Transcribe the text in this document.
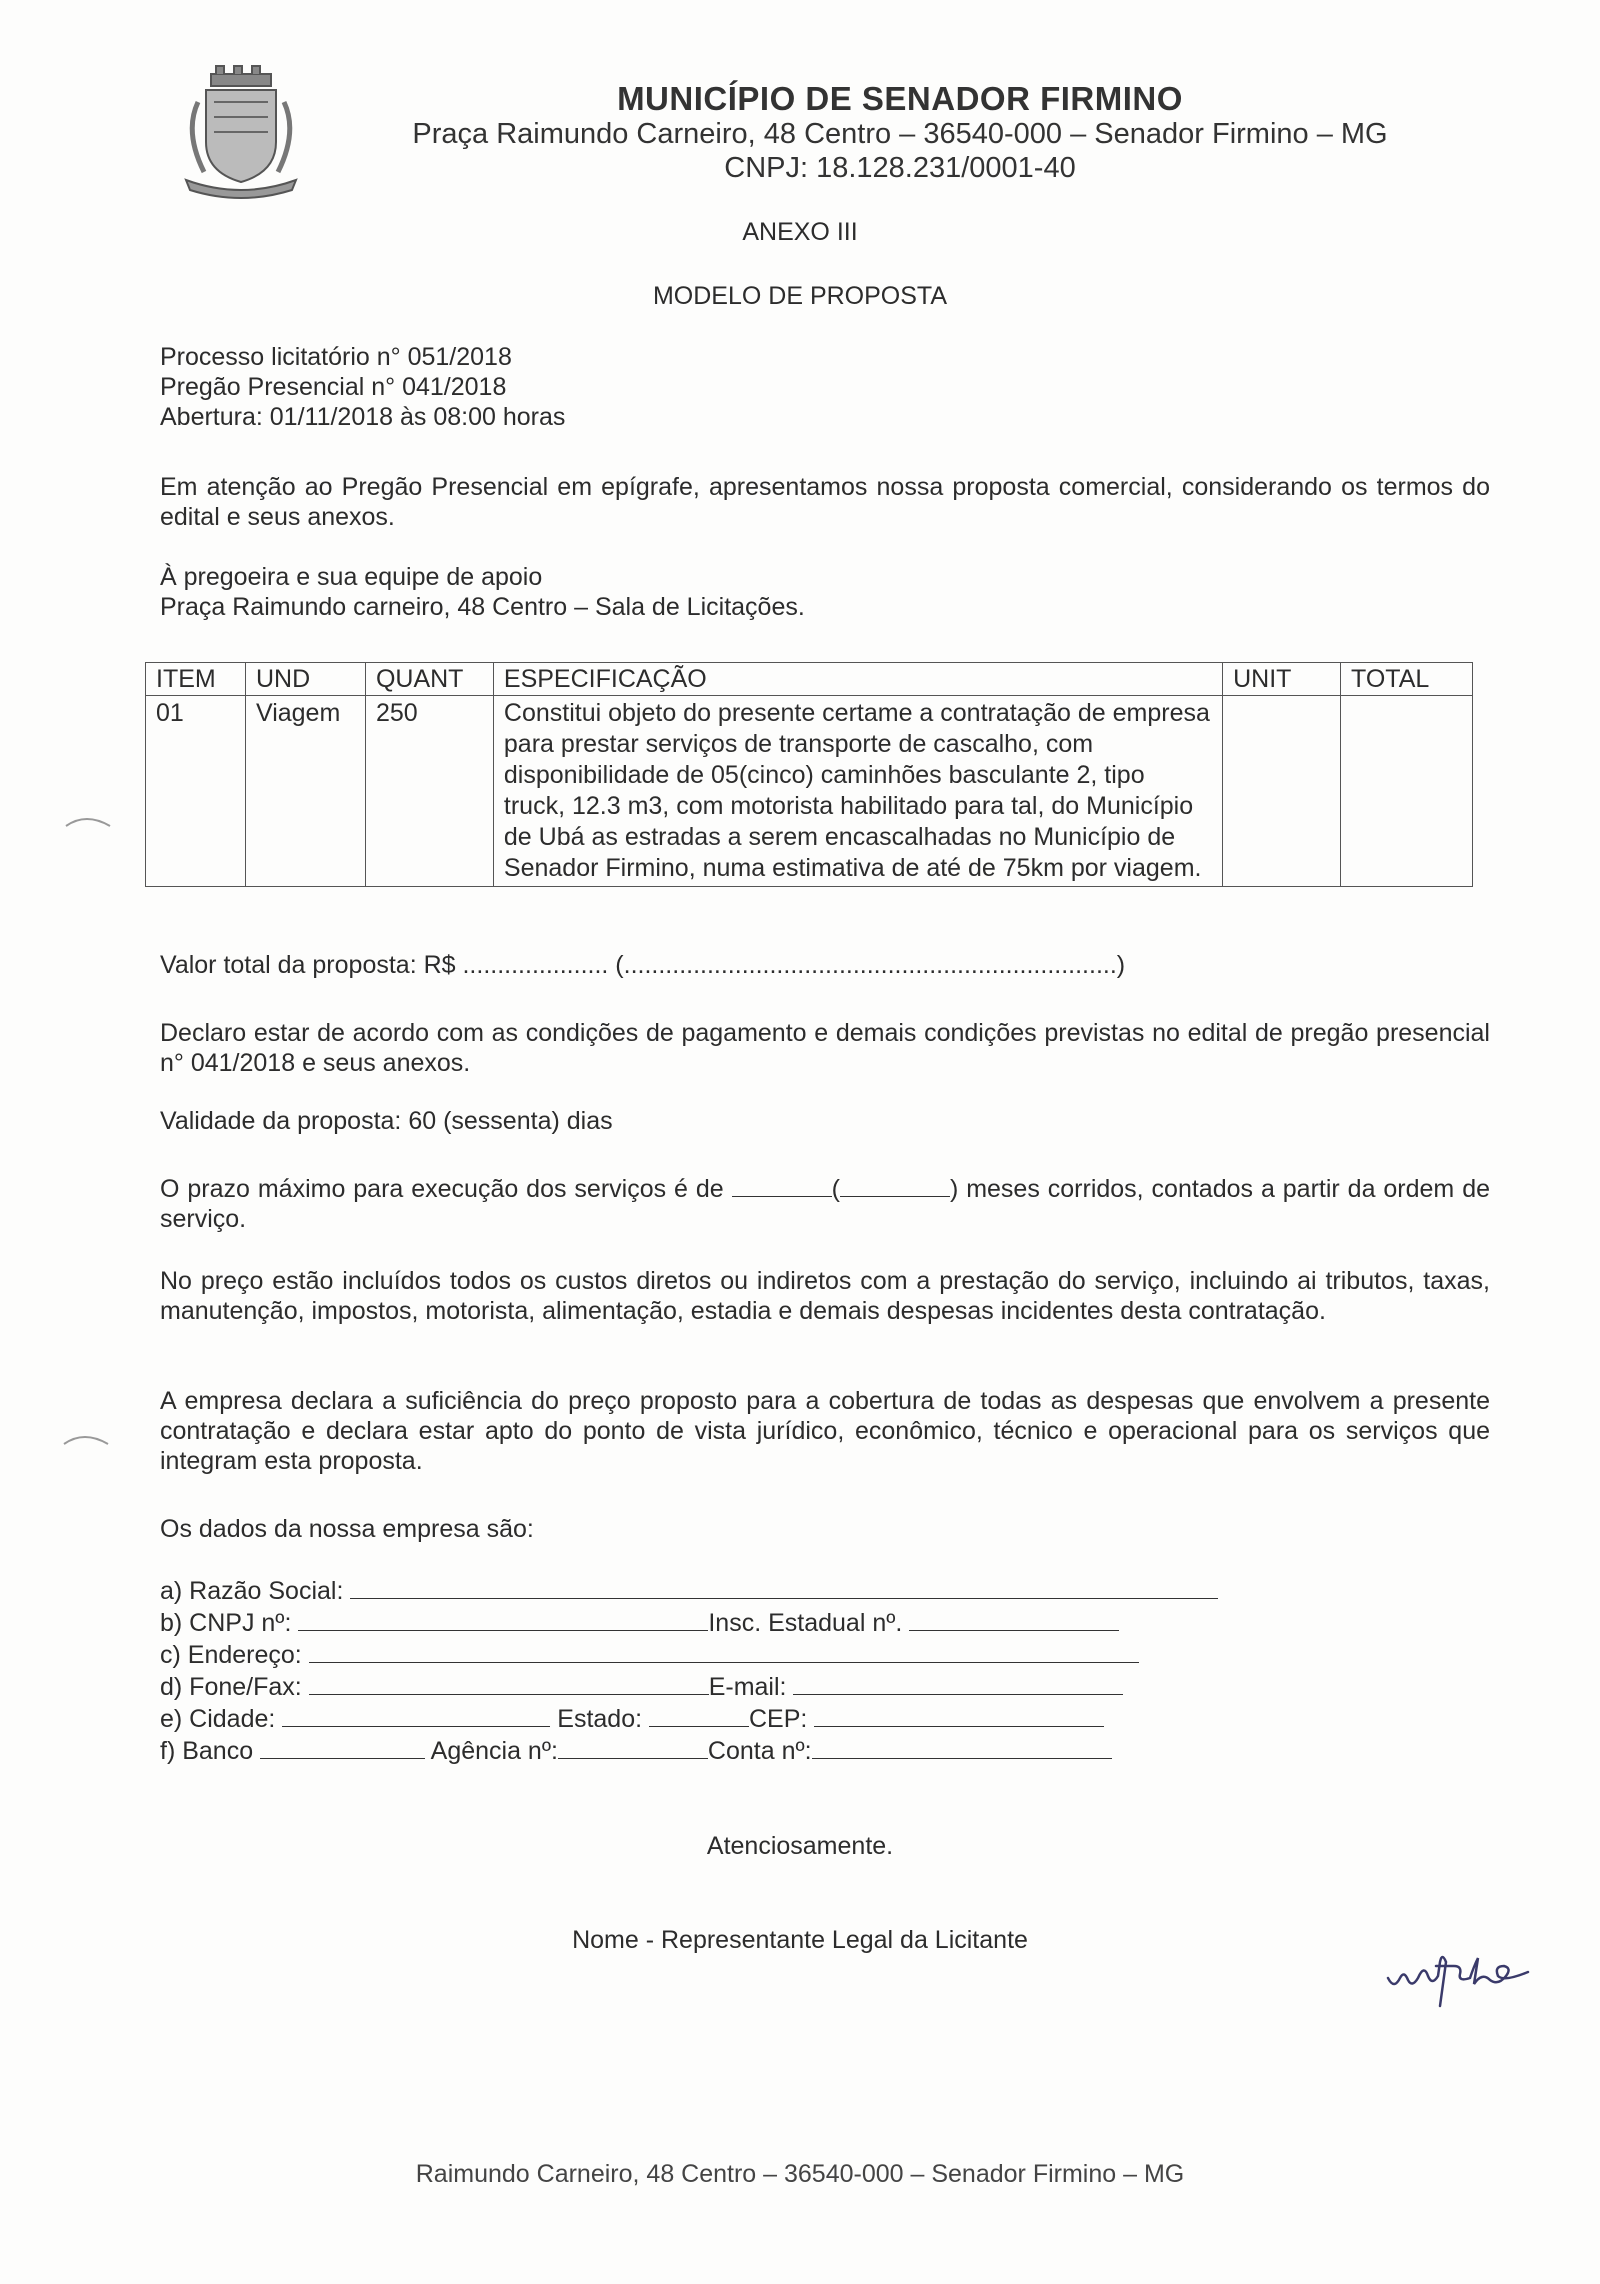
MUNICÍPIO DE SENADOR FIRMINO
Praça Raimundo Carneiro, 48 Centro – 36540-000 – Senador Firmino – MG
CNPJ: 18.128.231/0001-40
ANEXO III
MODELO DE PROPOSTA
Processo licitatório n° 051/2018
Pregão Presencial n° 041/2018
Abertura: 01/11/2018 às 08:00 horas
Em atenção ao Pregão Presencial em epígrafe, apresentamos nossa proposta comercial, considerando os termos do edital e seus anexos.
À pregoeira e sua equipe de apoio
Praça Raimundo carneiro, 48 Centro – Sala de Licitações.
ITEM	UND	QUANT	ESPECIFICAÇÃO	UNIT	TOTAL
01	Viagem	250	Constitui objeto do presente certame a contratação de empresa para prestar serviços de transporte de cascalho, com disponibilidade de 05(cinco) caminhões basculante 2, tipo truck, 12.3 m3, com motorista habilitado para tal, do Município de Ubá as estradas a serem encascalhadas no Município de Senador Firmino, numa estimativa de até de 75km por viagem.		
Valor total da proposta: R$ ..................... (.......................................................................)
Declaro estar de acordo com as condições de pagamento e demais condições previstas no edital de pregão presencial n° 041/2018 e seus anexos.
Validade da proposta: 60 (sessenta) dias
O prazo máximo para execução dos serviços é de	(	) meses corridos, contados a partir da ordem de serviço.
No preço estão incluídos todos os custos diretos ou indiretos com a prestação do serviço, incluindo ai tributos, taxas, manutenção, impostos, motorista, alimentação, estadia e demais despesas incidentes desta contratação.
A empresa declara a suficiência do preço proposto para a cobertura de todas as despesas que envolvem a presente contratação e declara estar apto do ponto de vista jurídico, econômico, técnico e operacional para os serviços que integram esta proposta.
Os dados da nossa empresa são:
a) Razão Social:
b) CNPJ nº:	Insc. Estadual nº.
c) Endereço:
d) Fone/Fax:	E-mail:
e) Cidade:	Estado:	CEP:
f) Banco	Agência nº:	Conta nº:
Atenciosamente.
Nome - Representante Legal da Licitante
Raimundo Carneiro, 48 Centro – 36540-000 – Senador Firmino – MG
